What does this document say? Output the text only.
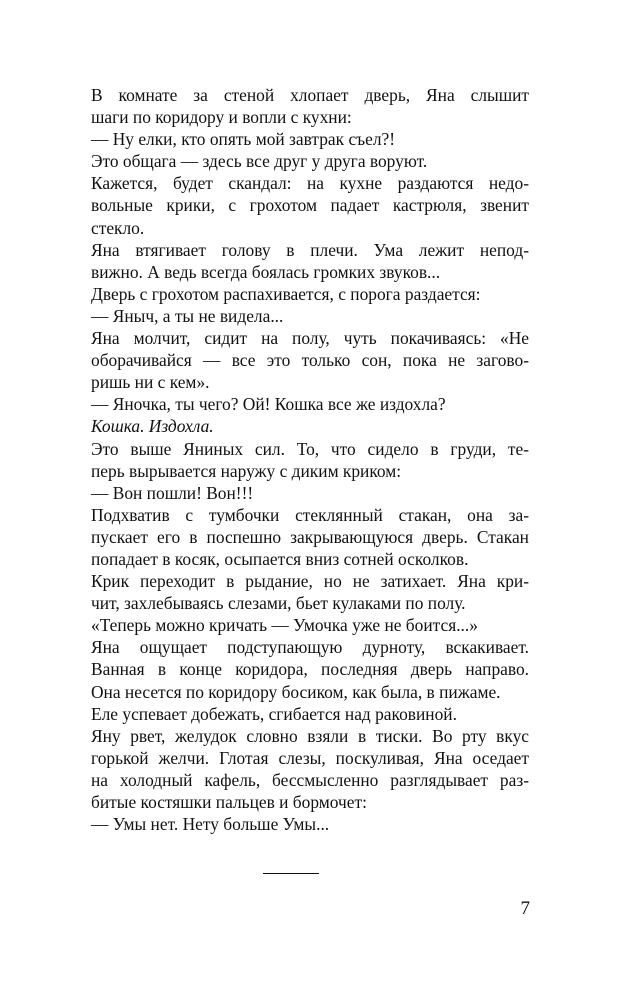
В комнате за стеной хлопает дверь, Яна слышит
шаги по коридору и вопли с кухни:
— Ну елки, кто опять мой завтрак съел?!
Это общага — здесь все друг у друга воруют.
Кажется, будет скандал: на кухне раздаются недо-
вольные крики, с грохотом падает кастрюля, звенит
стекло.
Яна втягивает голову в плечи. Ума лежит непод-
вижно. А ведь всегда боялась громких звуков...
Дверь с грохотом распахивается, с порога раздается:
— Яныч, а ты не видела...
Яна молчит, сидит на полу, чуть покачиваясь: «Не
оборачивайся — все это только сон, пока не загово-
ришь ни с кем».
— Яночка, ты чего? Ой! Кошка все же издохла?
Кошка. Издохла.
Это выше Яниных сил. То, что сидело в груди, те-
перь вырывается наружу с диким криком:
— Вон пошли! Вон!!!
Подхватив с тумбочки стеклянный стакан, она за-
пускает его в поспешно закрывающуюся дверь. Стакан
попадает в косяк, осыпается вниз сотней осколков.
Крик переходит в рыдание, но не затихает. Яна кри-
чит, захлебываясь слезами, бьет кулаками по полу.
«Теперь можно кричать — Умочка уже не боится...»
Яна ощущает подступающую дурноту, вскакивает.
Ванная в конце коридора, последняя дверь направо.
Она несется по коридору босиком, как была, в пижаме.
Еле успевает добежать, сгибается над раковиной.
Яну рвет, желудок словно взяли в тиски. Во рту вкус
горькой желчи. Глотая слезы, поскуливая, Яна оседает
на холодный кафель, бессмысленно разглядывает раз-
битые костяшки пальцев и бормочет:
— Умы нет. Нету больше Умы...
7
